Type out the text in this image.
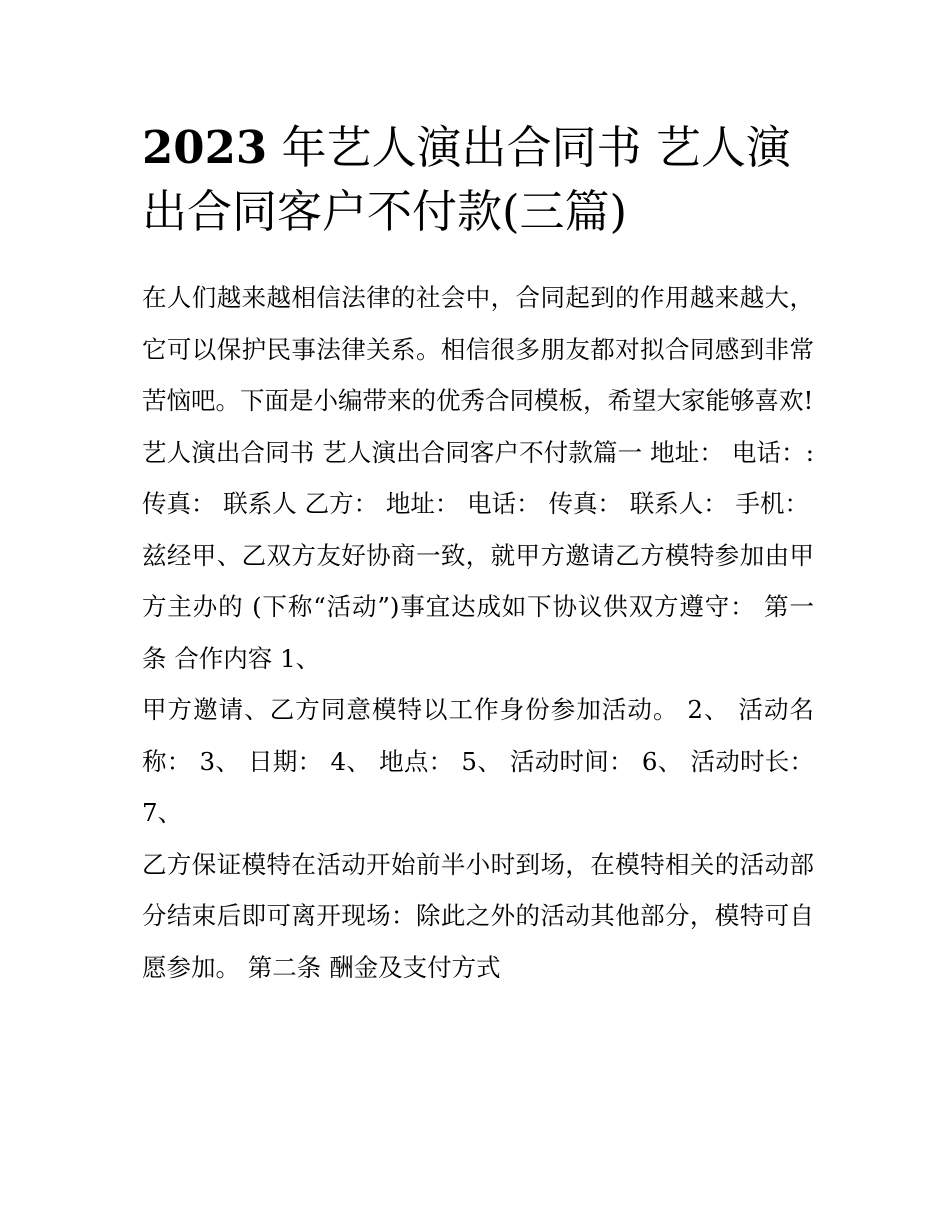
2023 年艺人演出合同书 艺人演出合同客户不付款(三篇)

在人们越来越相信法律的社会中，合同起到的作用越来越大，它可以保护民事法律关系。相信很多朋友都对拟合同感到非常苦恼吧。下面是小编带来的优秀合同模板，希望大家能够喜欢!

艺人演出合同书 艺人演出合同客户不付款篇一 地址： 电话：: 传真： 联系人 乙方： 地址： 电话： 传真： 联系人： 手机：

兹经甲、乙双方友好协商一致，就甲方邀请乙方模特参加由甲方主办的 (下称“活动”)事宜达成如下协议供双方遵守： 第一条 合作内容 1、

甲方邀请、乙方同意模特以工作身份参加活动。 2、 活动名称： 3、 日期： 4、 地点： 5、 活动时间： 6、 活动时长： 7、

乙方保证模特在活动开始前半小时到场，在模特相关的活动部分结束后即可离开现场：除此之外的活动其他部分，模特可自愿参加。 第二条 酬金及支付方式
